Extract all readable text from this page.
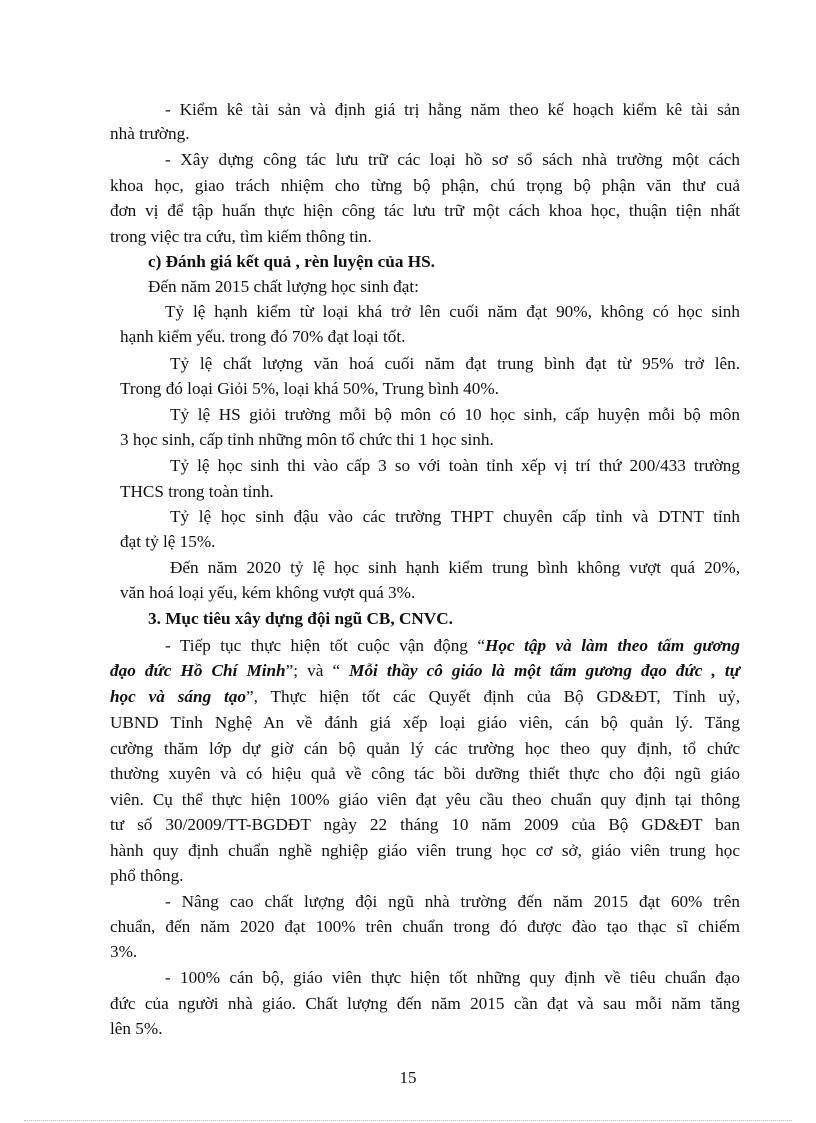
- Kiểm kê tài sản và định giá trị hằng năm theo kế hoạch kiểm kê tài sản
nhà trường.
- Xây dựng công tác lưu trữ các loại hồ sơ sổ sách nhà trường một cách
khoa học, giao trách nhiệm cho từng bộ phận, chú trọng bộ phận văn thư cuả
đơn vị để tập huấn thực hiện công tác lưu trữ một cách khoa học, thuận tiện nhất
trong việc tra cứu, tìm kiếm thông tin.
c) Đánh giá kết quả , rèn luyện của HS.
Đến năm 2015 chất lượng học sinh đạt:
Tỷ lệ hạnh kiểm từ loại khá trở lên cuối năm đạt 90%, không có học sinh
hạnh kiểm yếu. trong đó 70% đạt loại tốt.
Tỷ lệ chất lượng văn hoá cuối năm đạt trung bình đạt từ 95% trở lên.
Trong đó loại Giỏi 5%, loại khá 50%, Trung bình 40%.
Tỷ lệ HS giỏi trường mỗi bộ môn có 10 học sinh, cấp huyện mỗi bộ môn
3 học sinh, cấp tỉnh những môn tổ chức thi 1 học sinh.
Tỷ lệ học sinh thi vào cấp 3 so với toàn tỉnh xếp vị trí thứ 200/433 trường
THCS trong toàn tỉnh.
Tỷ lệ học sinh đậu vào các trường THPT chuyên cấp tỉnh và DTNT tỉnh
đạt tỷ lệ 15%.
Đến năm 2020 tỷ lệ học sinh hạnh kiểm trung bình không vượt quá 20%,
văn hoá loại yếu, kém không vượt quá 3%.
3. Mục tiêu xây dựng đội ngũ CB, CNVC.
- Tiếp tục thực hiện tốt cuộc vận động “Học tập và làm theo tấm gương
đạo đức Hồ Chí Minh”; và “ Mỗi thầy cô giáo là một tấm gương đạo đức , tự
học và sáng tạo”, Thực hiện tốt các Quyết định của Bộ GD&ĐT, Tỉnh uỷ,
UBND Tỉnh Nghệ An về đánh giá xếp loại giáo viên, cán bộ quản lý. Tăng
cường thăm lớp dự giờ cán bộ quản lý các trường học theo quy định, tổ chức
thường xuyên và có hiệu quả về công tác bồi dưỡng thiết thực cho đội ngũ giáo
viên. Cụ thể thực hiện 100% giáo viên đạt yêu cầu theo chuẩn quy định tại thông
tư số 30/2009/TT-BGDĐT ngày 22 tháng 10 năm 2009 của Bộ GD&ĐT ban
hành quy định chuẩn nghề nghiệp giáo viên trung học cơ sở, giáo viên trung học
phổ thông.
- Nâng cao chất lượng đội ngũ nhà trường đến năm 2015 đạt 60% trên
chuẩn, đến năm 2020 đạt 100% trên chuẩn trong đó được đào tạo thạc sĩ chiếm
3%.
- 100% cán bộ, giáo viên thực hiện tốt những quy định về tiêu chuẩn đạo
đức của người nhà giáo. Chất lượng đến năm 2015 cần đạt và sau mỗi năm tăng
lên 5%.
15
